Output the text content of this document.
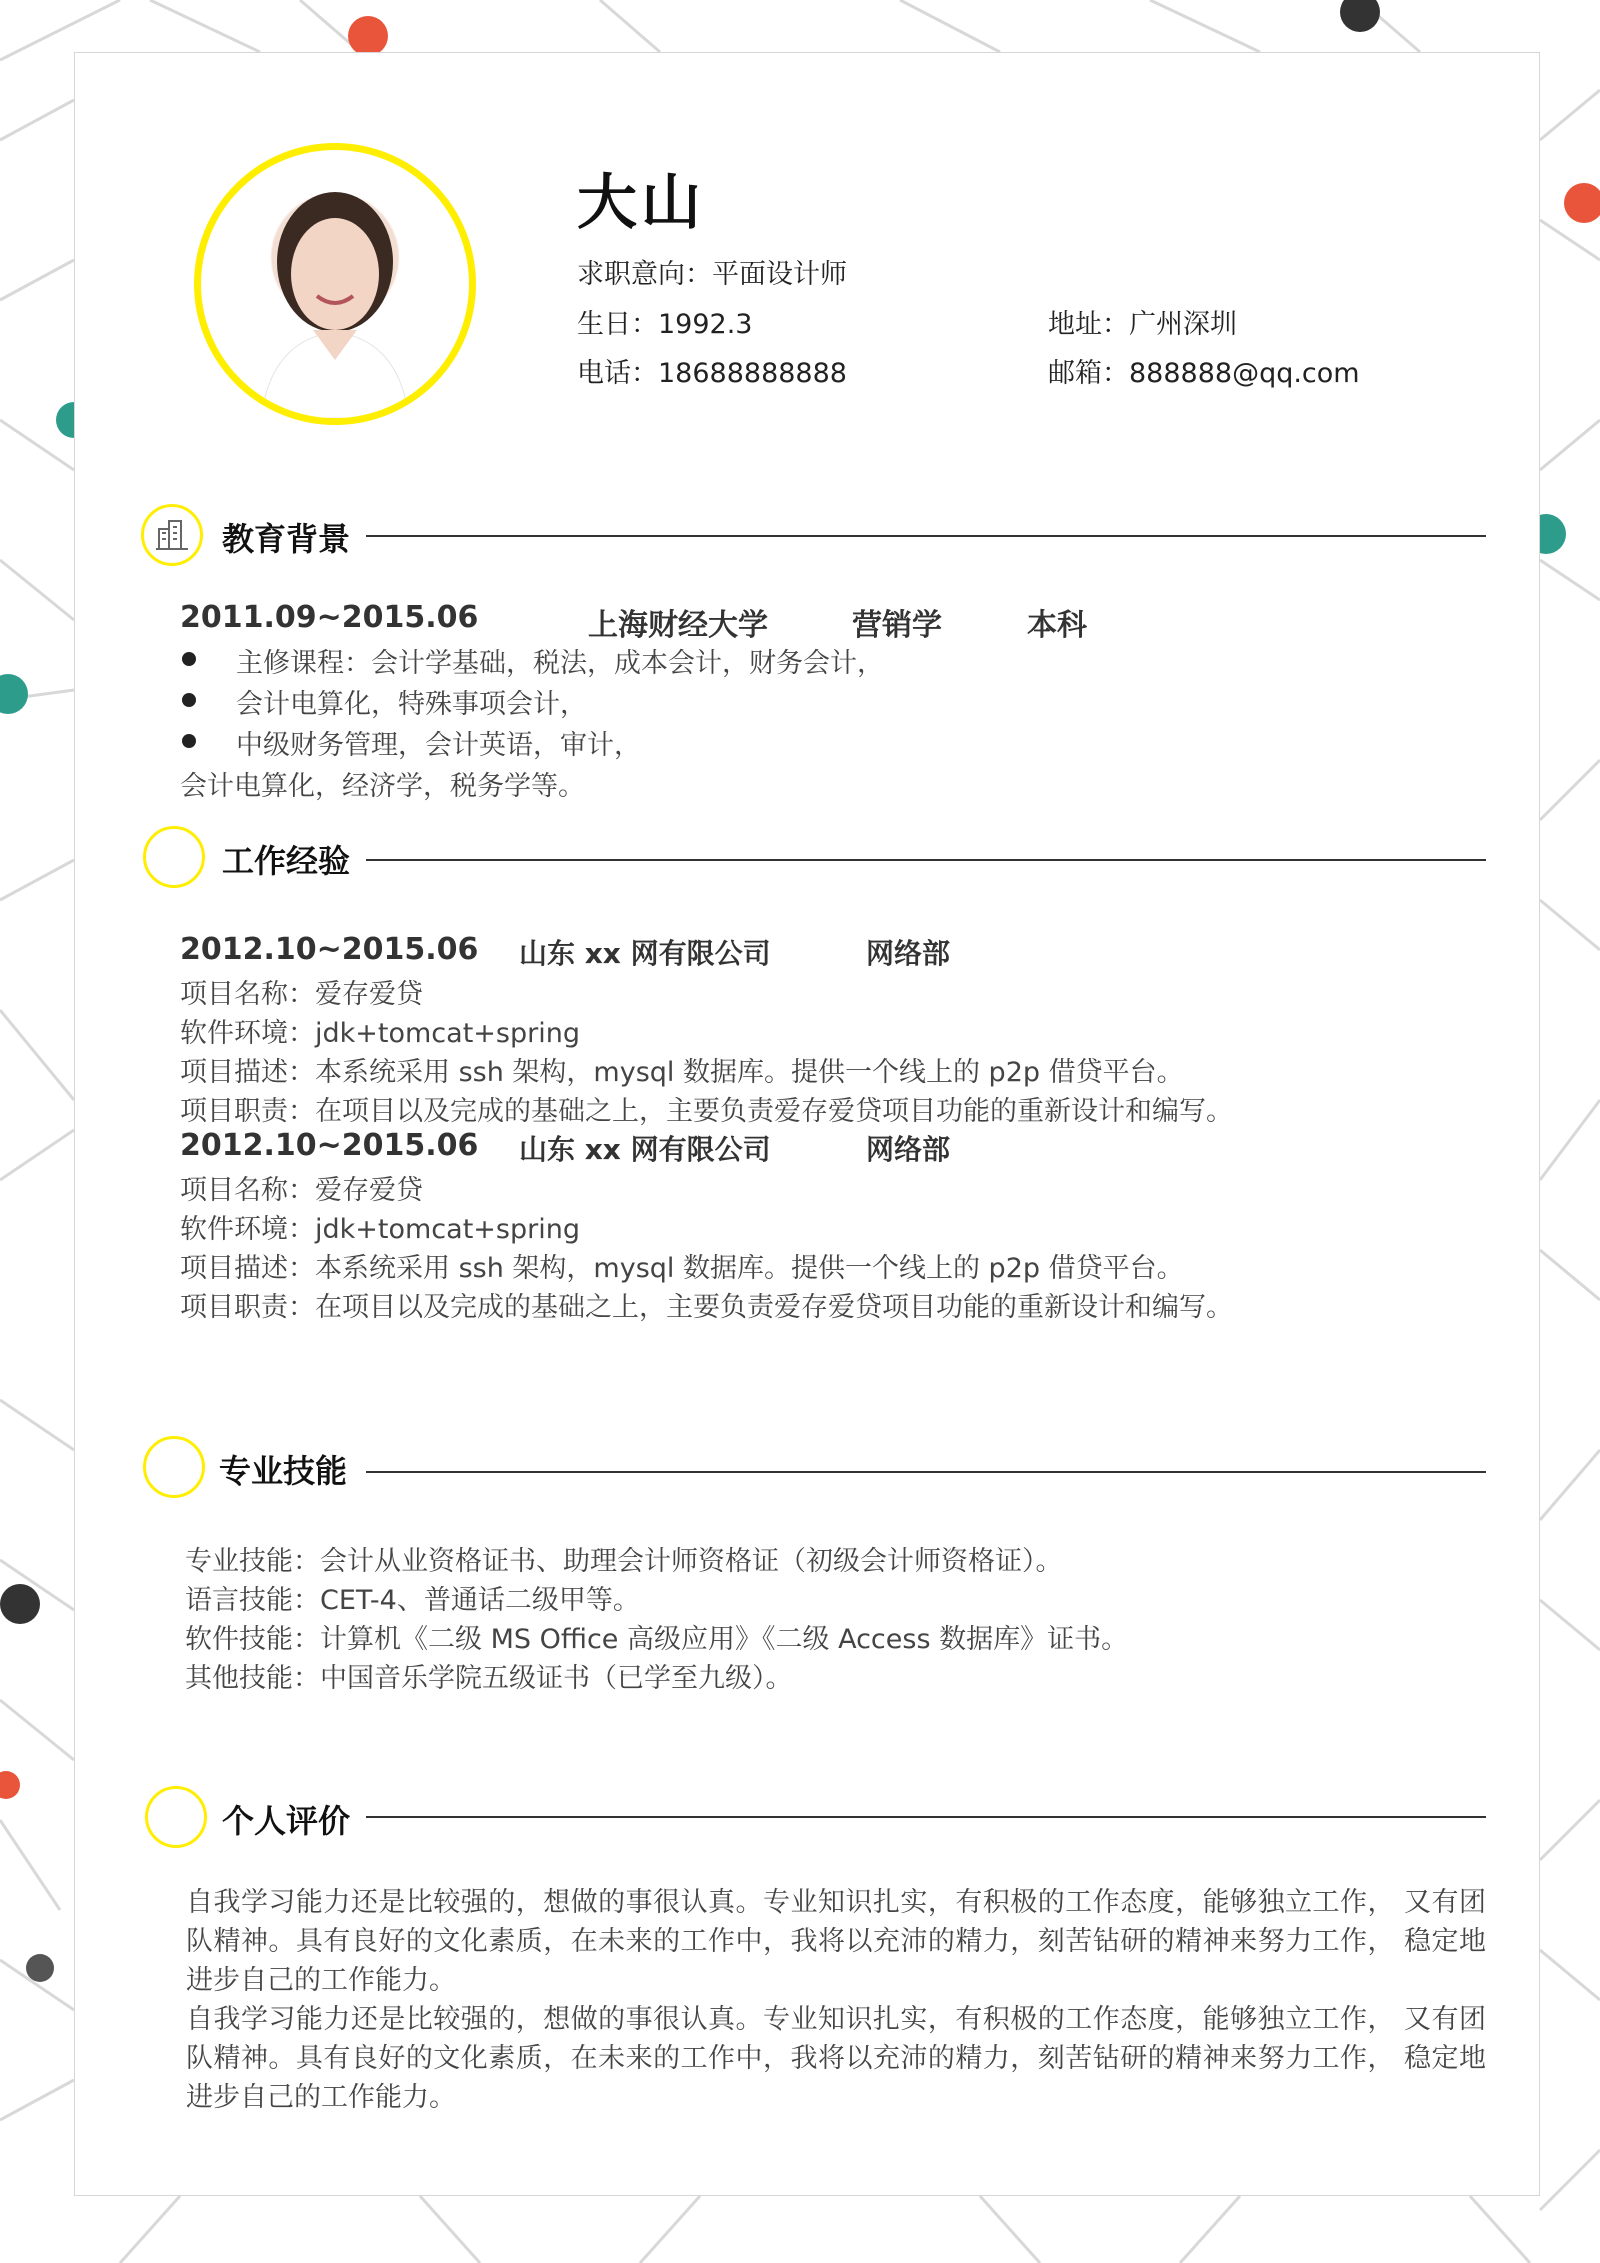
大山
求职意向：平面设计师
生日：1992.3	地址：广州深圳
电话：18688888888	邮箱：888888@qq.com
教育背景
2011.09~2015.06	上海财经大学	营销学	本科
主修课程：会计学基础，税法，成本会计，财务会计，
会计电算化，特殊事项会计，
中级财务管理，会计英语，审计，
会计电算化，经济学，税务学等。
工作经验
2012.10~2015.06 山东 xx 网有限公司	网络部
项目名称：爱存爱贷
软件环境：jdk+tomcat+spring
项目描述：本系统采用 ssh 架构，mysql 数据库。提供一个线上的 p2p 借贷平台。
项目职责：在项目以及完成的基础之上，主要负责爱存爱贷项目功能的重新设计和编写。
2012.10~2015.06 山东 xx 网有限公司	网络部
项目名称：爱存爱贷
软件环境：jdk+tomcat+spring
项目描述：本系统采用 ssh 架构，mysql 数据库。提供一个线上的 p2p 借贷平台。
项目职责：在项目以及完成的基础之上，主要负责爱存爱贷项目功能的重新设计和编写。
专业技能
专业技能：会计从业资格证书、助理会计师资格证（初级会计师资格证）。
语言技能：CET-4、普通话二级甲等。
软件技能：计算机《二级 MS Office 高级应用》《二级 Access 数据库》证书。
其他技能：中国音乐学院五级证书（已学至九级）。
个人评价
自我学习能力还是比较强的，想做的事很认真。专业知识扎实，有积极的工作态度，能够独立工作， 又有团队精神。具有良好的文化素质，在未来的工作中，我将以充沛的精力，刻苦钻研的精神来努力工作， 稳定地进步自己的工作能力。
自我学习能力还是比较强的，想做的事很认真。专业知识扎实，有积极的工作态度，能够独立工作， 又有团队精神。具有良好的文化素质，在未来的工作中，我将以充沛的精力，刻苦钻研的精神来努力工作， 稳定地进步自己的工作能力。
